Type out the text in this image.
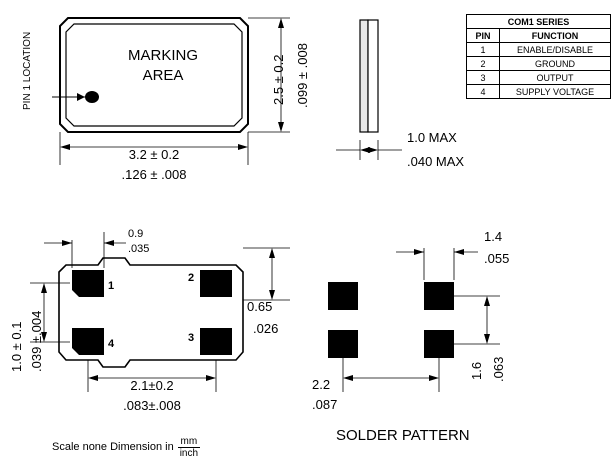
COM1 SERIES	
PIN	FUNCTION
1	ENABLE/DISABLE
2	GROUND
3	OUTPUT
4	SUPPLY VOLTAGE
PIN 1 LOCATION	MARKING
AREA
3.2 ± 0.2
.126 ± .008
2.5 ± 0.2 .099 ± .008
1.0 MAX
.040 MAX
0.9
.035
1
2
3
4
1.0 ± 0.1 .039 ±.004
2.1±0.2
.083±.008
0.65
.026
1.4
.055
2.2
.087
1.6 .063
SOLDER PATTERN
Scale none Dimension in $\frac{mm}{\text{inch}}$
